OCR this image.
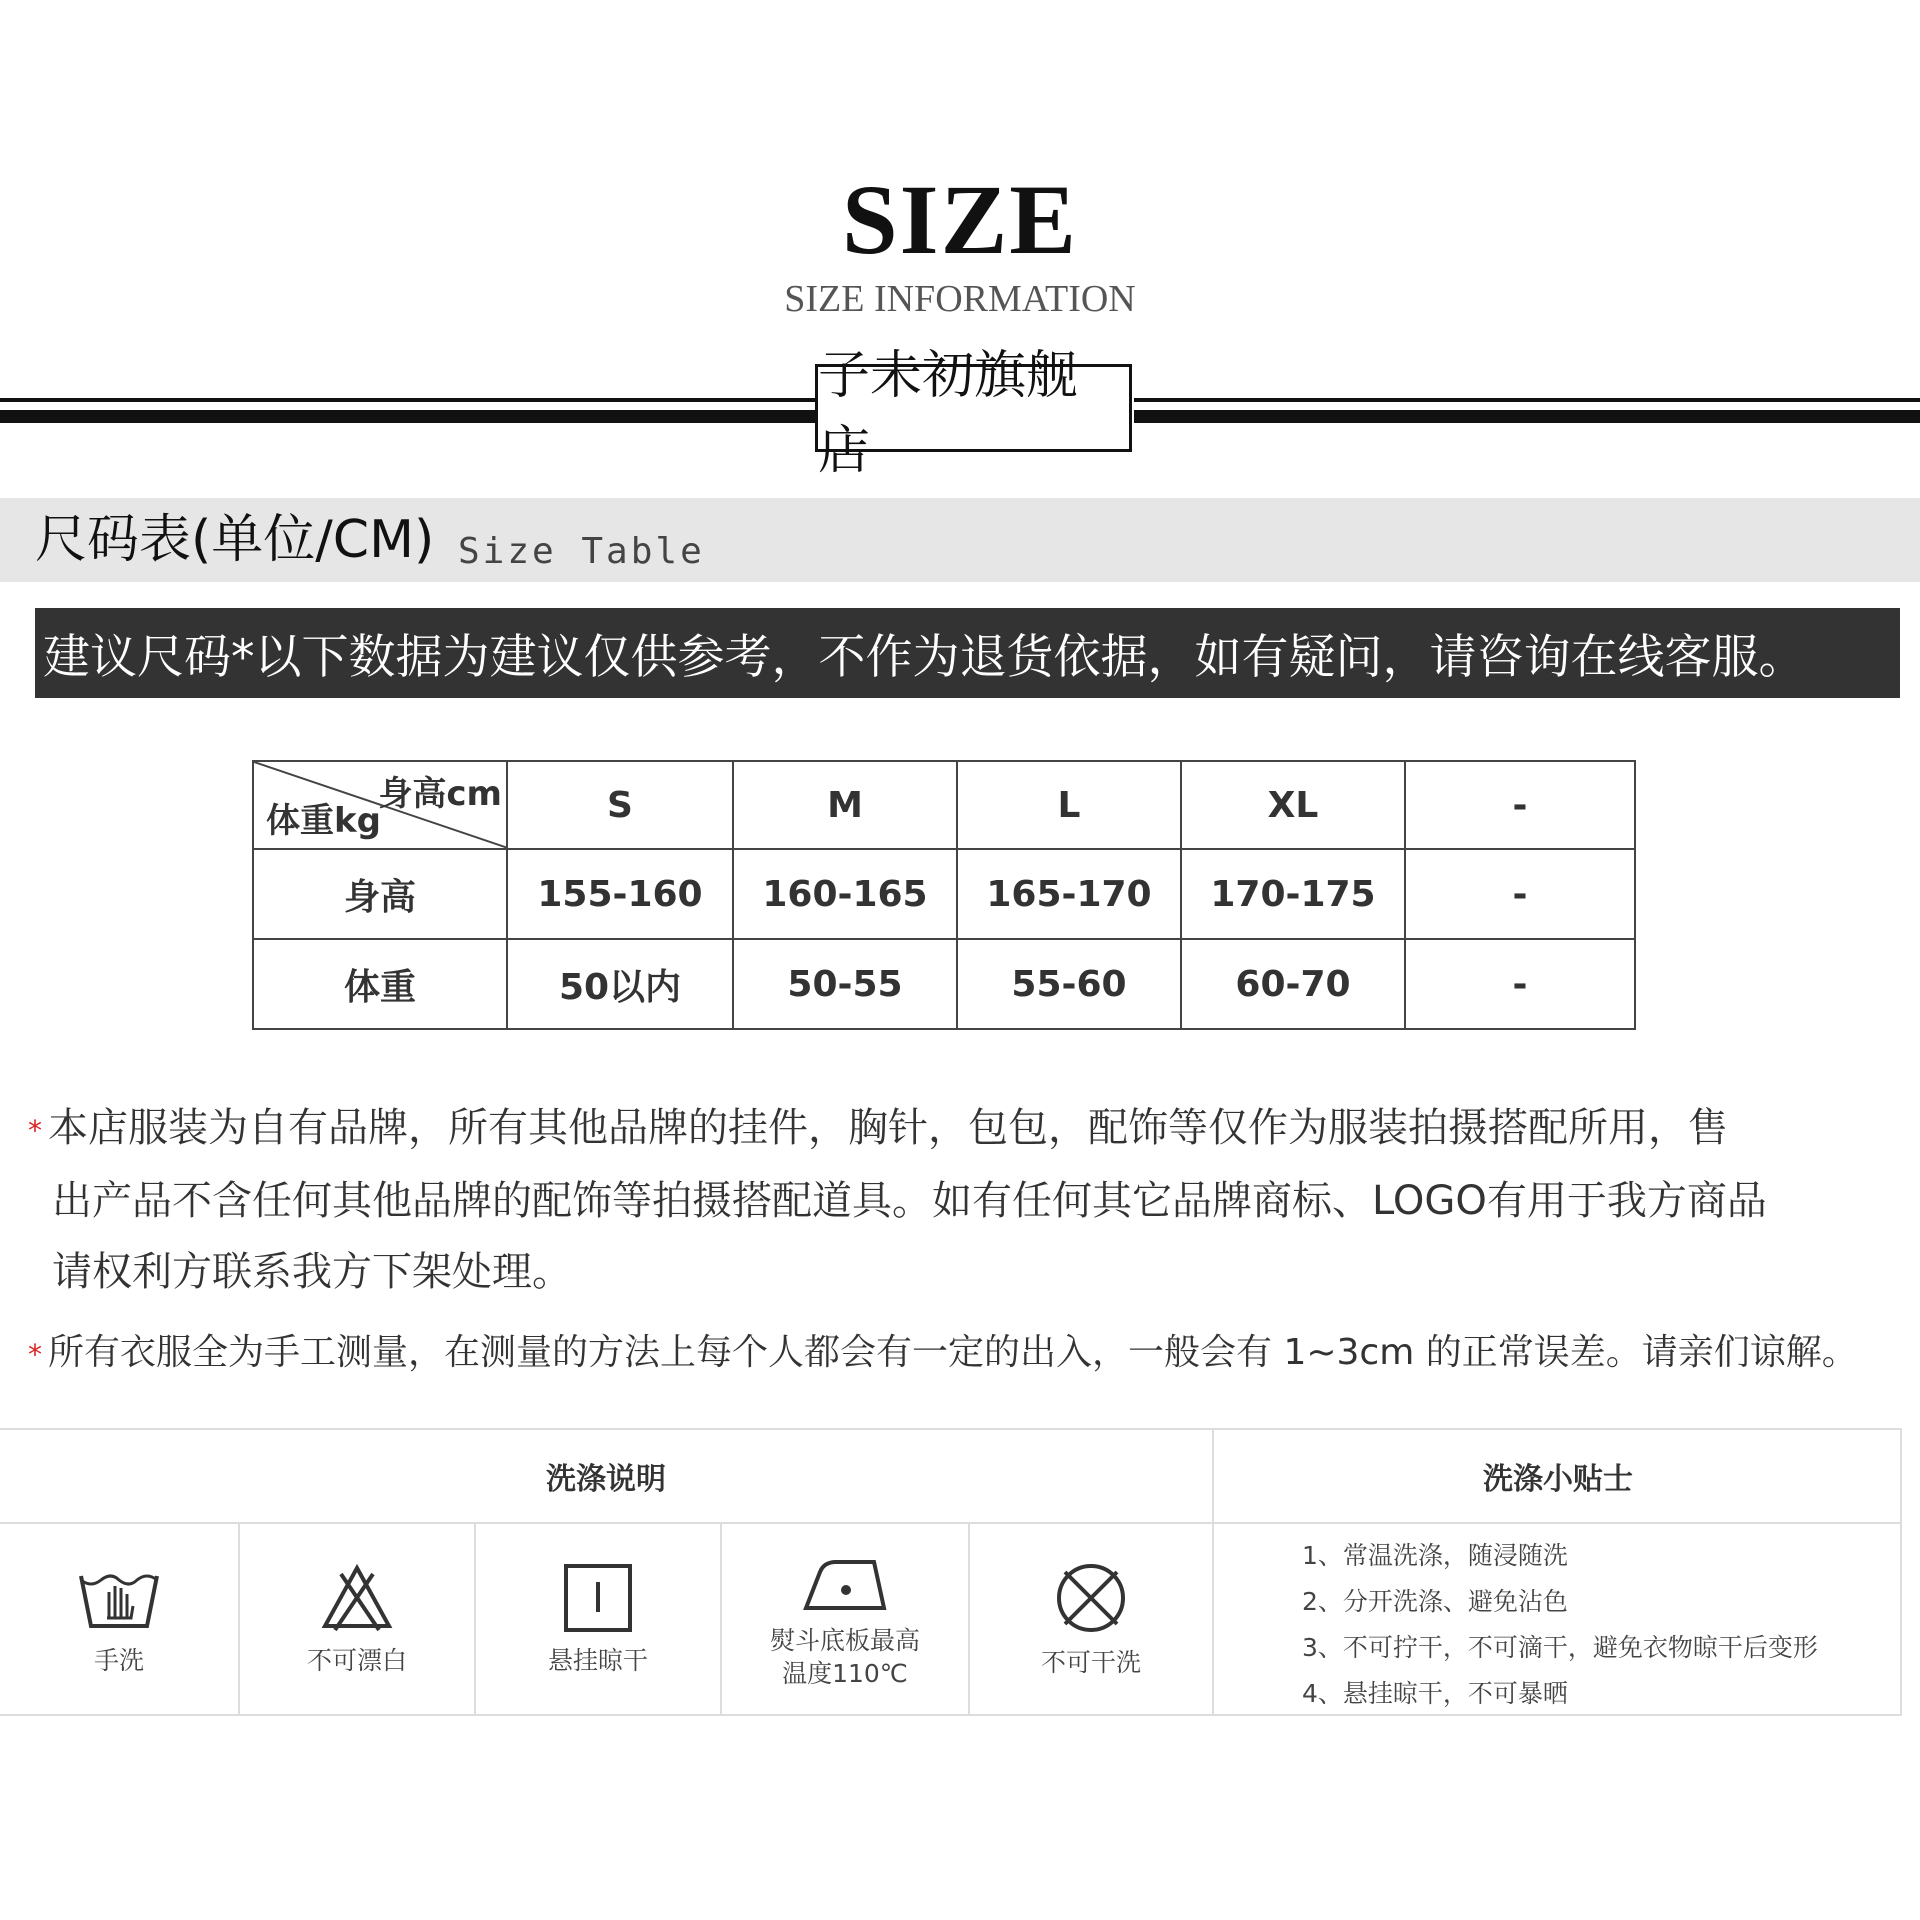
SIZE
SIZE INFORMATION
子未初旗舰店
尺码表(单位/CM) Size Table
建议尺码*以下数据为建议仅供参考，不作为退货依据，如有疑问，请咨询在线客服。
身高cm
体重kg	S	M	L	XL	-
身高	155-160	160-165	165-170	170-175	-
体重	50以内	50-55	55-60	60-70	-
* 本店服装为自有品牌，所有其他品牌的挂件，胸针，包包，配饰等仅作为服装拍摄搭配所用，售
出产品不含任何其他品牌的配饰等拍摄搭配道具。如有任何其它品牌商标、LOGO有用于我方商品
请权利方联系我方下架处理。
* 所有衣服全为手工测量，在测量的方法上每个人都会有一定的出入，一般会有 1~3cm 的正常误差。请亲们谅解。
洗涤说明	洗涤小贴士
手洗	不可漂白	悬挂晾干
熨斗底板最高
温度110℃	不可干洗
1、常温洗涤，随浸随洗
2、分开洗涤、避免沾色
3、不可拧干，不可滴干，避免衣物晾干后变形
4、悬挂晾干，不可暴晒
